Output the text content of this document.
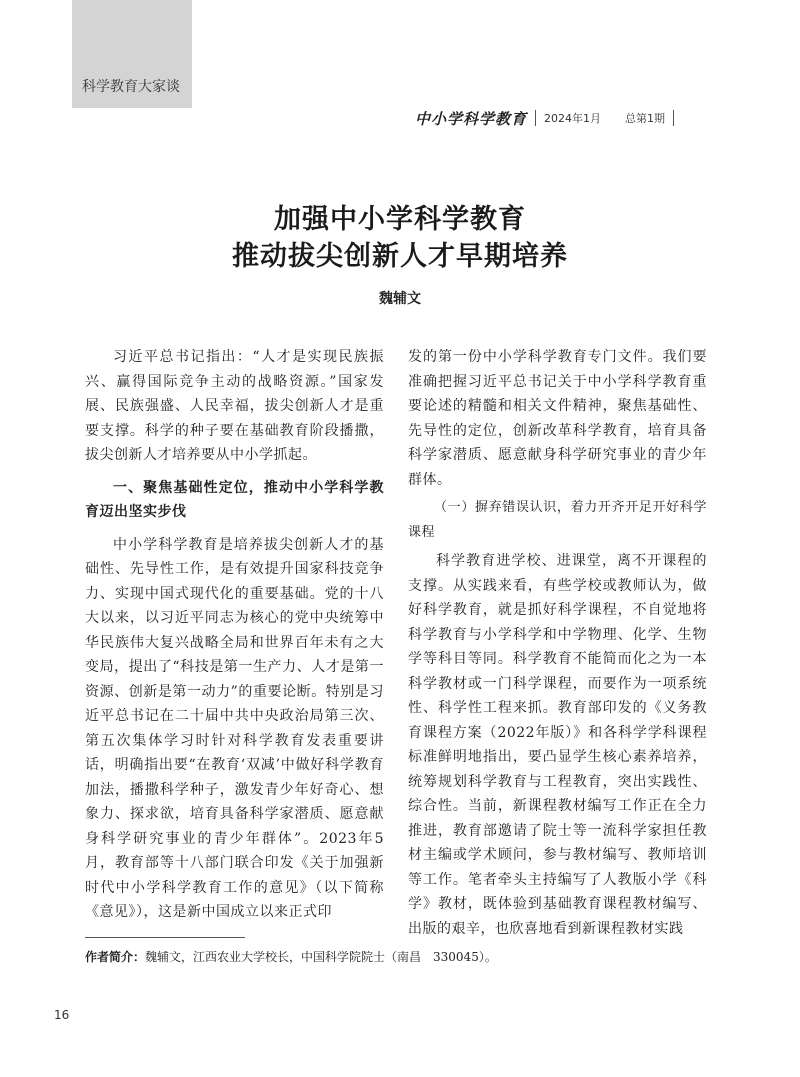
科学教育大家谈
中小学科学教育 2024年1月 总第1期
加强中小学科学教育
推动拔尖创新人才早期培养
魏辅文

习近平总书记指出：“人才是实现民族振兴、赢得国际竞争主动的战略资源。”国家发展、民族强盛、人民幸福，拔尖创新人才是重要支撑。科学的种子要在基础教育阶段播撒，拔尖创新人才培养要从中小学抓起。

一、聚焦基础性定位，推动中小学科学教育迈出坚实步伐

中小学科学教育是培养拔尖创新人才的基础性、先导性工作，是有效提升国家科技竞争力、实现中国式现代化的重要基础。党的十八大以来，以习近平同志为核心的党中央统筹中华民族伟大复兴战略全局和世界百年未有之大变局，提出了“科技是第一生产力、人才是第一资源、创新是第一动力”的重要论断。特别是习近平总书记在二十届中共中央政治局第三次、第五次集体学习时针对科学教育发表重要讲话，明确指出要“在教育‘双减’中做好科学教育加法，播撒科学种子，激发青少年好奇心、想象力、探求欲，培育具备科学家潜质、愿意献身科学研究事业的青少年群体”。2023年5月，教育部等十八部门联合印发《关于加强新时代中小学科学教育工作的意见》（以下简称《意见》），这是新中国成立以来正式印

发的第一份中小学科学教育专门文件。我们要准确把握习近平总书记关于中小学科学教育重要论述的精髓和相关文件精神，聚焦基础性、先导性的定位，创新改革科学教育，培育具备科学家潜质、愿意献身科学研究事业的青少年群体。

（一）摒弃错误认识，着力开齐开足开好科学课程

科学教育进学校、进课堂，离不开课程的支撑。从实践来看，有些学校或教师认为，做好科学教育，就是抓好科学课程，不自觉地将科学教育与小学科学和中学物理、化学、生物学等科目等同。科学教育不能简而化之为一本科学教材或一门科学课程，而要作为一项系统性、科学性工程来抓。教育部印发的《义务教育课程方案（2022年版）》和各科学学科课程标准鲜明地指出，要凸显学生核心素养培养，统筹规划科学教育与工程教育，突出实践性、综合性。当前，新课程教材编写工作正在全力推进，教育部邀请了院士等一流科学家担任教材主编或学术顾问，参与教材编写、教师培训等工作。笔者牵头主持编写了人教版小学《科学》教材，既体验到基础教育课程教材编写、出版的艰辛，也欣喜地看到新课程教材实践

作者简介：魏辅文，江西农业大学校长，中国科学院院士（南昌　330045）。
16
